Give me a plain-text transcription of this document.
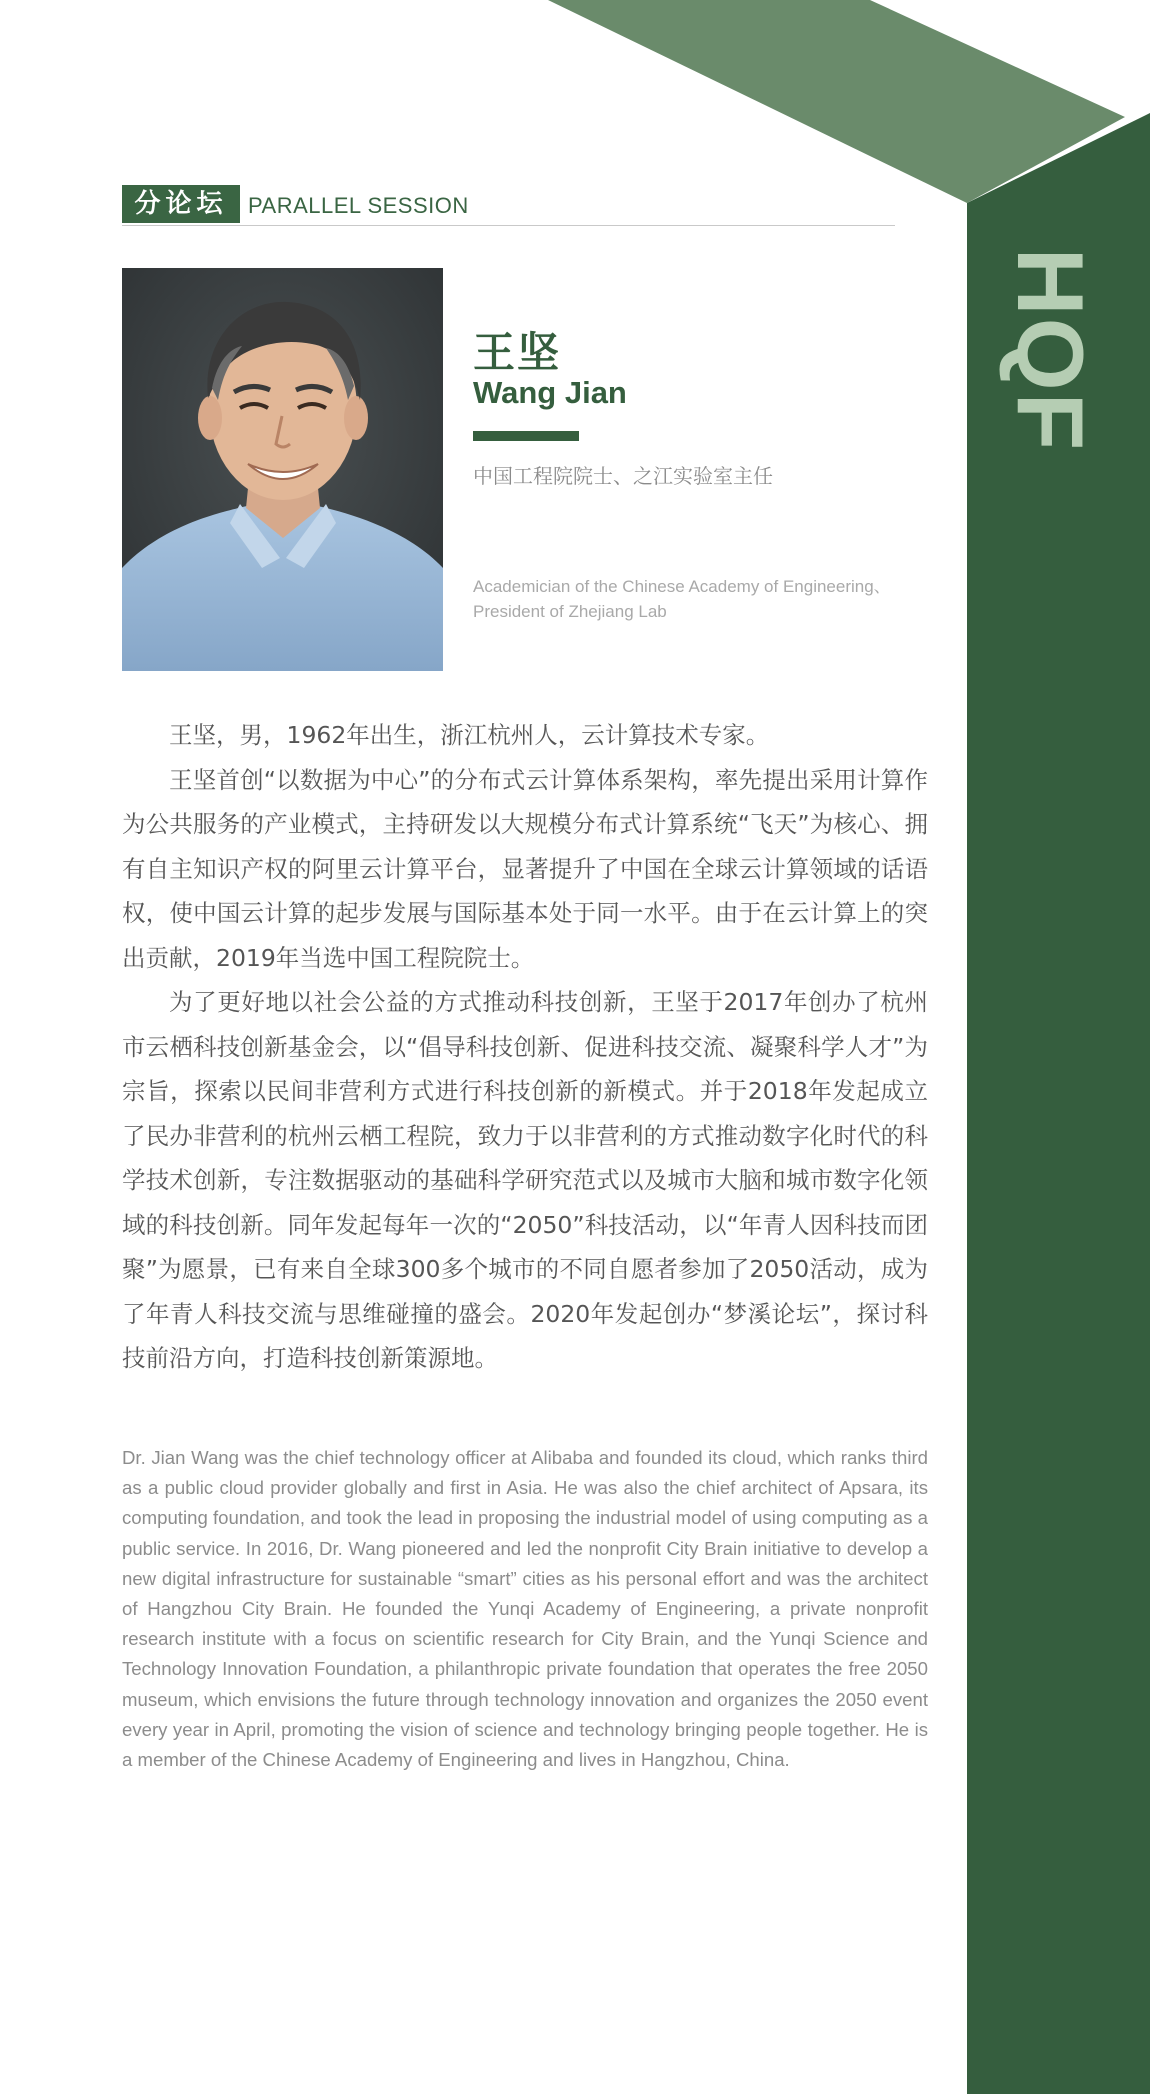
HQF
分论坛 PARALLEL SESSION
王坚
Wang Jian
中国工程院院士、之江实验室主任
Academician of the Chinese Academy of Engineering、President of Zhejiang Lab

王坚，男，1962年出生，浙江杭州人，云计算技术专家。

王坚首创“以数据为中心”的分布式云计算体系架构，率先提出采用计算作为公共服务的产业模式，主持研发以大规模分布式计算系统“飞天”为核心、拥有自主知识产权的阿里云计算平台，显著提升了中国在全球云计算领域的话语权，使中国云计算的起步发展与国际基本处于同一水平。由于在云计算上的突出贡献，2019年当选中国工程院院士。

为了更好地以社会公益的方式推动科技创新，王坚于2017年创办了杭州市云栖科技创新基金会，以“倡导科技创新、促进科技交流、凝聚科学人才”为宗旨，探索以民间非营利方式进行科技创新的新模式。并于2018年发起成立了民办非营利的杭州云栖工程院，致力于以非营利的方式推动数字化时代的科学技术创新，专注数据驱动的基础科学研究范式以及城市大脑和城市数字化领域的科技创新。同年发起每年一次的“2050”科技活动，以“年青人因科技而团聚”为愿景，已有来自全球300多个城市的不同自愿者参加了2050活动，成为了年青人科技交流与思维碰撞的盛会。2020年发起创办“梦溪论坛”，探讨科技前沿方向，打造科技创新策源地。

Dr. Jian Wang was the chief technology officer at Alibaba and founded its cloud, which ranks third as a public cloud provider globally and first in Asia. He was also the chief architect of Apsara, its computing foundation, and took the lead in proposing the industrial model of using computing as a public service. In 2016, Dr. Wang pioneered and led the nonprofit City Brain initiative to develop a new digital infrastructure for sustainable “smart” cities as his personal effort and was the architect of Hangzhou City Brain. He founded the Yunqi Academy of Engineering, a private nonprofit research institute with a focus on scientific research for City Brain, and the Yunqi Science and Technology Innovation Foundation, a philanthropic private foundation that operates the free 2050 museum, which envisions the future through technology innovation and organizes the 2050 event every year in April, promoting the vision of science and technology bringing people together. He is a member of the Chinese Academy of Engineering and lives in Hangzhou, China.
